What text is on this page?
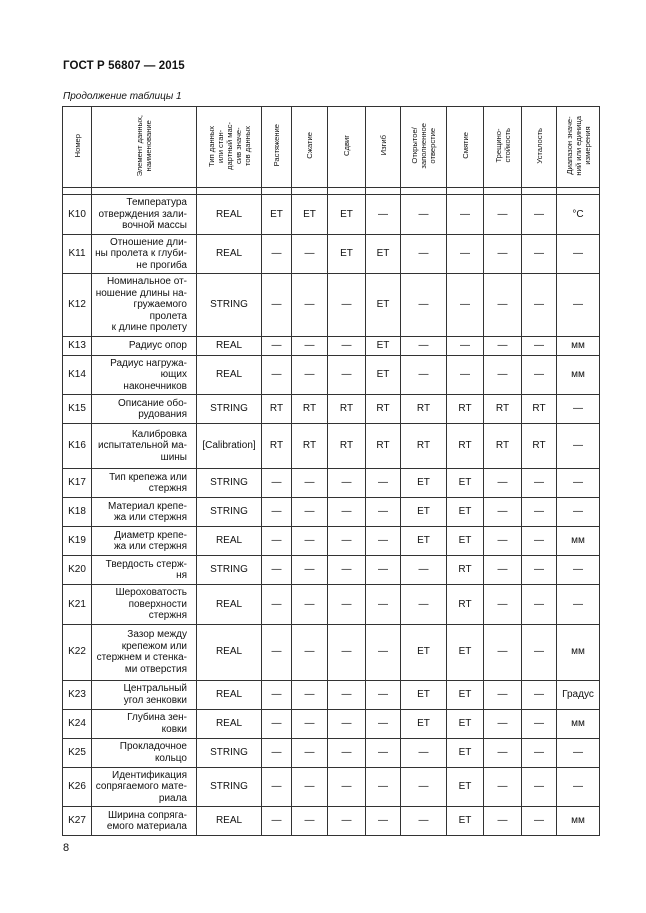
ГОСТ Р 56807 — 2015
Продолжение таблицы 1
Номер	Элемент данных,
наименование	Тип данных
или стан-
дартный мас-
сив значе-
тов данных	Растяжение	Сжатие	Сдвиг	Изгиб	Открытое/
заполненное
отверстие	Смятие	Трещино-
стойкость	Усталость	Диапазон значе-
ний или единица
измерения

K10	Температура
отверждения зали-
вочной массы	REAL	ET	ET	ET	—	—	—	—	—	°C
K11	Отношение дли-
ны пролета к глуби-
не прогиба	REAL	—	—	ET	ET	—	—	—	—	—
K12	Номинальное от-
ношение длины на-
гружаемого пролета
к длине пролету	STRING	—	—	—	ET	—	—	—	—	—
K13	Радиус опор	REAL	—	—	—	ET	—	—	—	—	мм
K14	Радиус нагружа-
ющих наконечников	REAL	—	—	—	ET	—	—	—	—	мм
K15	Описание обо-
рудования	STRING	RT	RT	RT	RT	RT	RT	RT	RT	—
K16	Калибровка
испытательной ма-
шины	[Calibration]	RT	RT	RT	RT	RT	RT	RT	RT	—
K17	Тип крепежа или
стержня	STRING	—	—	—	—	ET	ET	—	—	—
K18	Материал крепе-
жа или стержня	STRING	—	—	—	—	ET	ET	—	—	—
K19	Диаметр крепе-
жа или стержня	REAL	—	—	—	—	ET	ET	—	—	мм
K20	Твердость стерж-
ня	STRING	—	—	—	—	—	RT	—	—	—
K21	Шероховатость
поверхности стержня	REAL	—	—	—	—	—	RT	—	—	—
K22	Зазор между
крепежом или
стержнем и стенка-
ми отверстия	REAL	—	—	—	—	ET	ET	—	—	мм
K23	Центральный
угол зенковки	REAL	—	—	—	—	ET	ET	—	—	Градус
K24	Глубина зен-
ковки	REAL	—	—	—	—	ET	ET	—	—	мм
K25	Прокладочное
кольцо	STRING	—	—	—	—	—	ET	—	—	—
K26	Идентификация
сопрягаемого мате-
риала	STRING	—	—	—	—	—	ET	—	—	—
K27	Ширина сопряга-
емого материала	REAL	—	—	—	—	—	ET	—	—	мм
8
